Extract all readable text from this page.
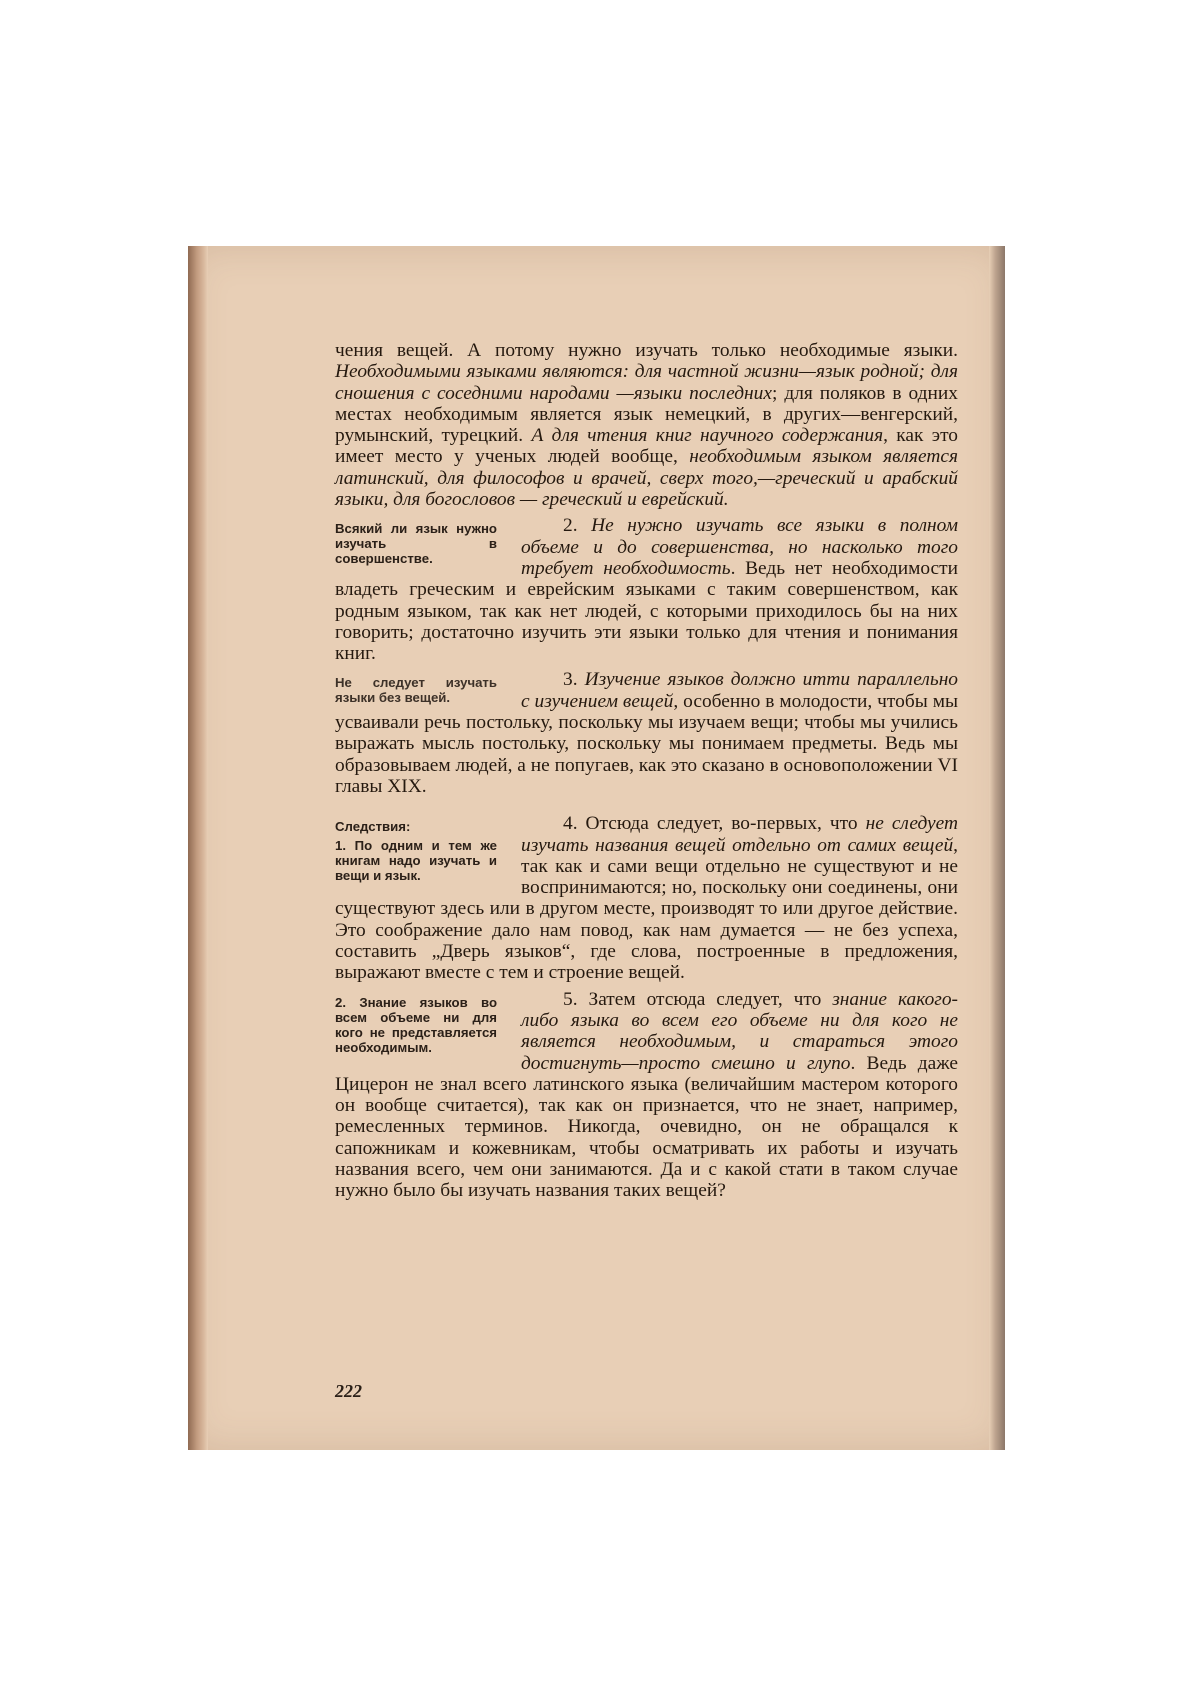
чения вещей. А потому нужно изучать только необходимые языки. Необходимыми языками являются: для частной жизни—язык родной; для сношения с соседними народами —языки последних; для поляков в одних местах необходимым является язык немецкий, в других—венгерский, румынский, турецкий. А для чтения книг научного содержания, как это имеет место у ученых людей вообще, необходимым языком является латинский, для философов и врачей, сверх того,—греческий и арабский языки, для богословов — греческий и еврейский.

Всякий ли язык нужно изучать в совершенстве.

2. Не нужно изучать все языки в полном объеме и до совершенства, но насколько того требует необходимость. Ведь нет необходимости владеть греческим и еврейским языками с таким совершенством, как родным языком, так как нет людей, с которыми приходилось бы на них говорить; достаточно изучить эти языки только для чтения и понимания книг.

Не следует изучать языки без вещей.

3. Изучение языков должно итти параллельно с изучением вещей, особенно в молодости, чтобы мы усваивали речь постольку, поскольку мы изучаем вещи; чтобы мы учились выражать мысль постольку, поскольку мы понимаем предметы. Ведь мы образовываем людей, а не попугаев, как это сказано в основоположении VI главы XIX.

Следствия:
1. По одним и тем же книгам надо изучать и вещи и язык.

4. Отсюда следует, во-первых, что не следует изучать названия вещей отдельно от самих вещей, так как и сами вещи отдельно не существуют и не воспринимаются; но, поскольку они соединены, они существуют здесь или в другом месте, производят то или другое действие. Это соображение дало нам повод, как нам думается — не без успеха, составить „Дверь языков“, где слова, построенные в предложения, выражают вместе с тем и строение вещей.

2. Знание языков во всем объеме ни для кого не представляется необходимым.

5. Затем отсюда следует, что знание какого-либо языка во всем его объеме ни для кого не является необходимым, и стараться этого достигнуть—просто смешно и глупо. Ведь даже Цицерон не знал всего латинского языка (величайшим мастером которого он вообще считается), так как он признается, что не знает, например, ремесленных терминов. Никогда, очевидно, он не обращался к сапожникам и кожевникам, чтобы осматривать их работы и изучать названия всего, чем они занимаются. Да и с какой стати в таком случае нужно было бы изучать названия таких вещей?

222
